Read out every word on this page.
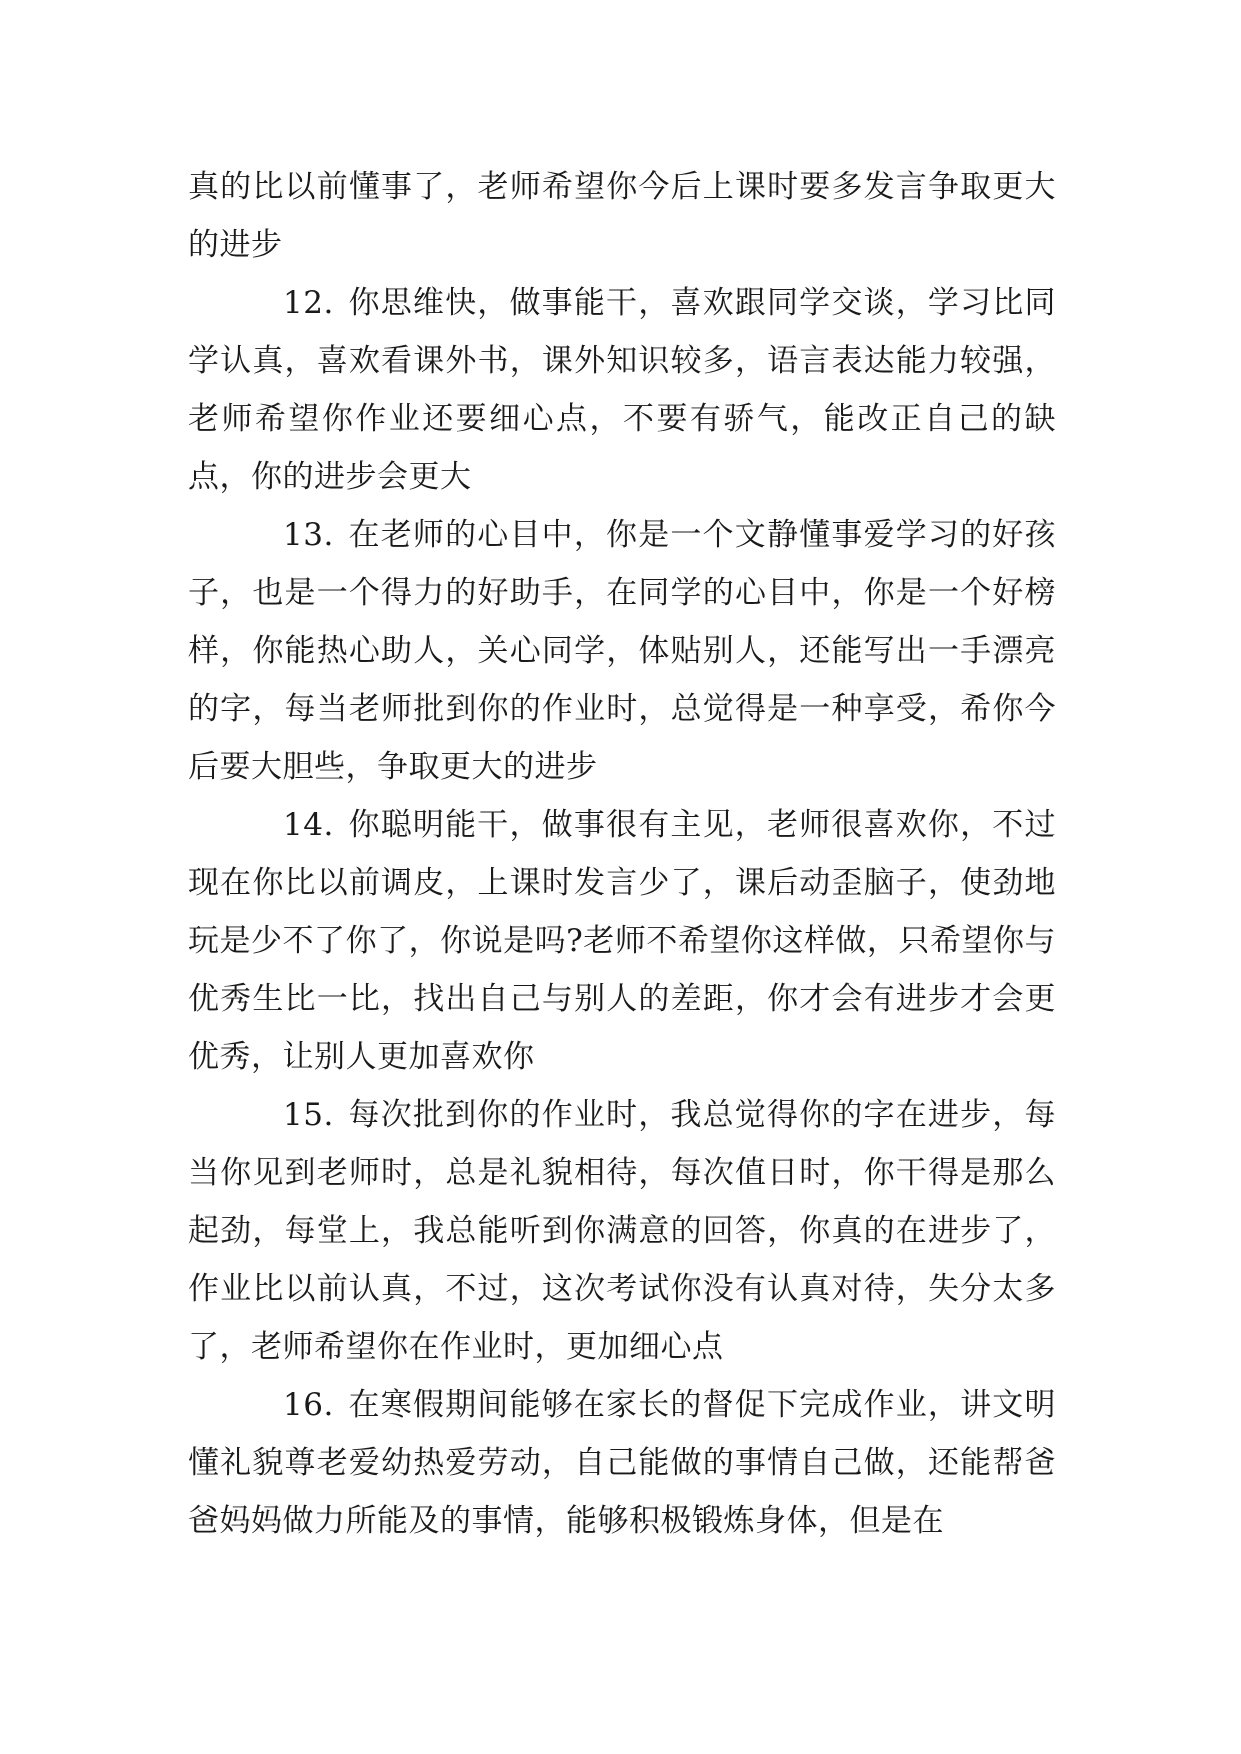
真的比以前懂事了，老师希望你今后上课时要多发言争取更大的进步

12. 你思维快，做事能干，喜欢跟同学交谈，学习比同学认真，喜欢看课外书，课外知识较多，语言表达能力较强，老师希望你作业还要细心点，不要有骄气，能改正自己的缺点，你的进步会更大

13. 在老师的心目中，你是一个文静懂事爱学习的好孩子，也是一个得力的好助手，在同学的心目中，你是一个好榜样，你能热心助人，关心同学，体贴别人，还能写出一手漂亮的字，每当老师批到你的作业时，总觉得是一种享受，希你今后要大胆些，争取更大的进步

14. 你聪明能干，做事很有主见，老师很喜欢你，不过现在你比以前调皮，上课时发言少了，课后动歪脑子，使劲地玩是少不了你了，你说是吗?老师不希望你这样做，只希望你与优秀生比一比，找出自己与别人的差距，你才会有进步才会更优秀，让别人更加喜欢你

15. 每次批到你的作业时，我总觉得你的字在进步，每当你见到老师时，总是礼貌相待，每次值日时，你干得是那么起劲，每堂上，我总能听到你满意的回答，你真的在进步了，作业比以前认真，不过，这次考试你没有认真对待，失分太多了，老师希望你在作业时，更加细心点

16. 在寒假期间能够在家长的督促下完成作业，讲文明懂礼貌尊老爱幼热爱劳动，自己能做的事情自己做，还能帮爸爸妈妈做力所能及的事情，能够积极锻炼身体，但是在
